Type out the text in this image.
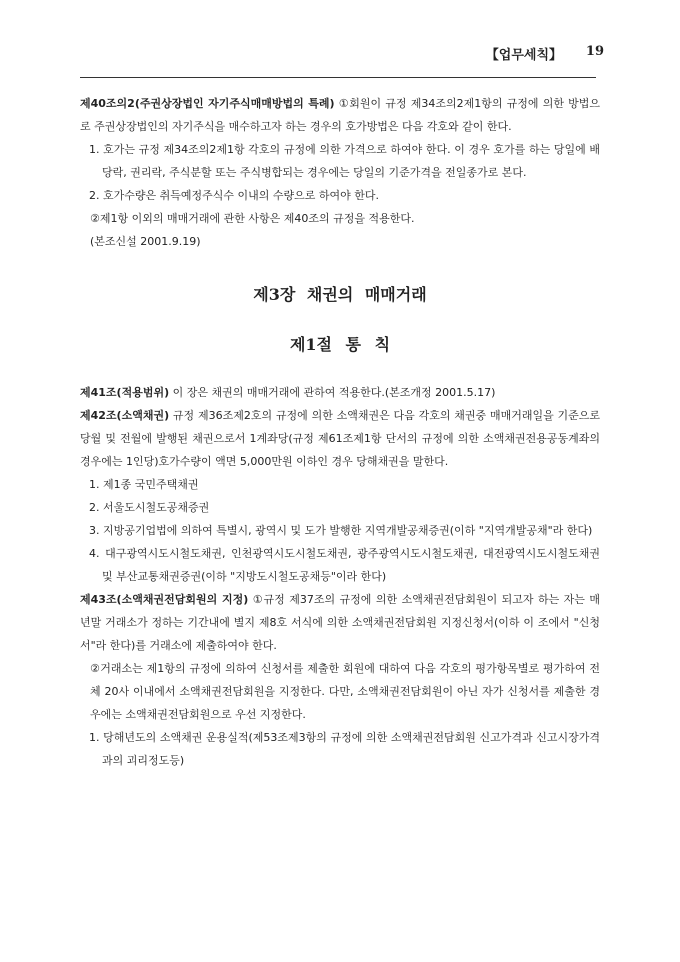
【업무세칙】 19

제40조의2(주권상장법인 자기주식매매방법의 특례) ①회원이 규정 제34조의2제1항의 규정에 의한 방법으로 주권상장법인의 자기주식을 매수하고자 하는 경우의 호가방법은 다음 각호와 같이 한다.

1. 호가는 규정 제34조의2제1항 각호의 규정에 의한 가격으로 하여야 한다. 이 경우 호가를 하는 당일에 배당락, 권리락, 주식분할 또는 주식병합되는 경우에는 당일의 기준가격을 전일종가로 본다.

2. 호가수량은 취득예정주식수 이내의 수량으로 하여야 한다.

②제1항 이외의 매매거래에 관한 사항은 제40조의 규정을 적용한다.

(본조신설 2001.9.19)

제3장 채권의 매매거래

제1절 통 칙

제41조(적용범위) 이 장은 채권의 매매거래에 관하여 적용한다.(본조개정 2001.5.17)

제42조(소액채권) 규정 제36조제2호의 규정에 의한 소액채권은 다음 각호의 채권중 매매거래일을 기준으로 당월 및 전월에 발행된 채권으로서 1계좌당(규정 제61조제1항 단서의 규정에 의한 소액채권전용공동계좌의 경우에는 1인당)호가수량이 액면 5,000만원 이하인 경우 당해채권을 말한다.

1. 제1종 국민주택채권

2. 서울도시철도공채증권

3. 지방공기업법에 의하여 특별시, 광역시 및 도가 발행한 지역개발공채증권(이하 "지역개발공채"라 한다)

4. 대구광역시도시철도채권, 인천광역시도시철도채권, 광주광역시도시철도채권, 대전광역시도시철도채권 및 부산교통채권증권(이하 "지방도시철도공채등"이라 한다)

제43조(소액채권전담회원의 지정) ①규정 제37조의 규정에 의한 소액채권전담회원이 되고자 하는 자는 매년말 거래소가 정하는 기간내에 별지 제8호 서식에 의한 소액채권전담회원 지정신청서(이하 이 조에서 "신청서"라 한다)를 거래소에 제출하여야 한다.

②거래소는 제1항의 규정에 의하여 신청서를 제출한 회원에 대하여 다음 각호의 평가항목별로 평가하여 전체 20사 이내에서 소액채권전담회원을 지정한다. 다만, 소액채권전담회원이 아닌 자가 신청서를 제출한 경우에는 소액채권전담회원으로 우선 지정한다.

1. 당해년도의 소액채권 운용실적(제53조제3항의 규정에 의한 소액채권전담회원 신고가격과 신고시장가격과의 괴리정도등)
